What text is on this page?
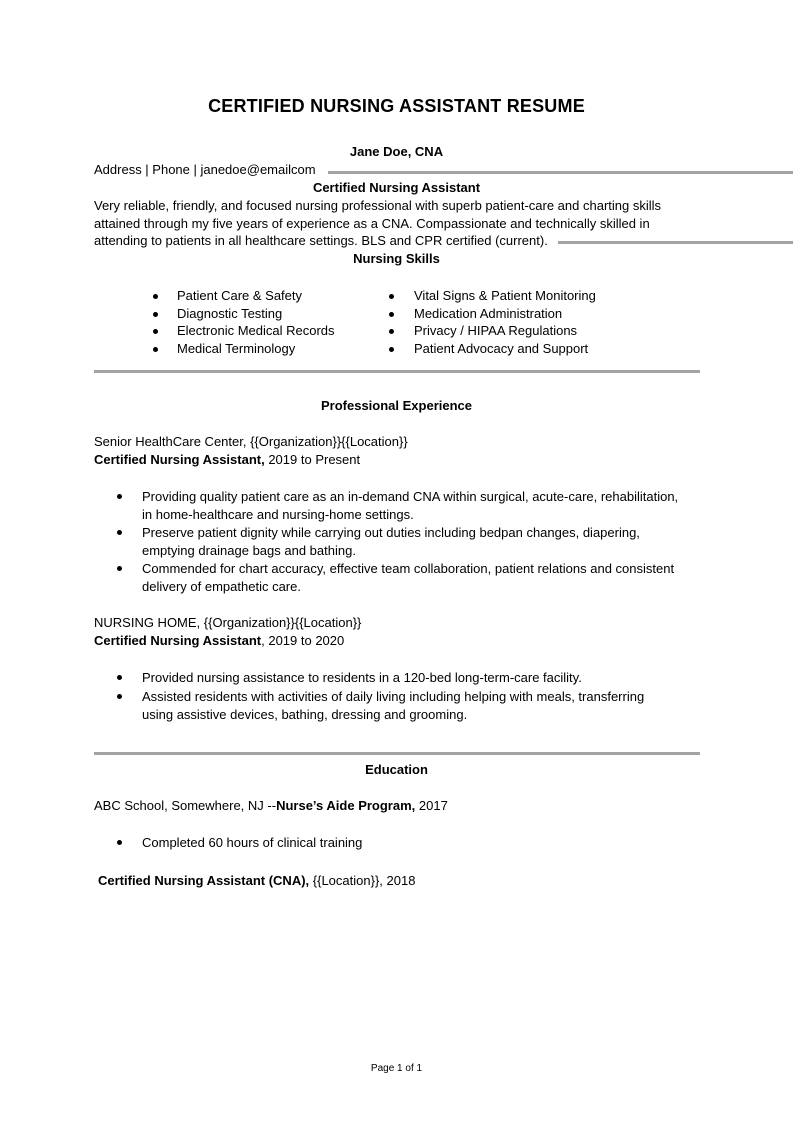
CERTIFIED NURSING ASSISTANT RESUME
Jane Doe, CNA
Address | Phone | janedoe@emailcom
Certified Nursing Assistant
Very reliable, friendly, and focused nursing professional with superb patient-care and charting skills
attained through my five years of experience as a CNA. Compassionate and technically skilled in
attending to patients in all healthcare settings. BLS and CPR certified (current).
Nursing Skills
Patient Care & Safety
Diagnostic Testing
Electronic Medical Records
Medical Terminology
Vital Signs & Patient Monitoring
Medication Administration
Privacy / HIPAA Regulations
Patient Advocacy and Support
Professional Experience
Senior HealthCare Center, {{Organization}}{{Location}}
Certified Nursing Assistant, 2019 to Present
Providing quality patient care as an in-demand CNA within surgical, acute-care, rehabilitation,
in home-healthcare and nursing-home settings.
Preserve patient dignity while carrying out duties including bedpan changes, diapering,
emptying drainage bags and bathing.
Commended for chart accuracy, effective team collaboration, patient relations and consistent
delivery of empathetic care.
NURSING HOME, {{Organization}}{{Location}}
Certified Nursing Assistant, 2019 to 2020
Provided nursing assistance to residents in a 120-bed long-term-care facility.
Assisted residents with activities of daily living including helping with meals, transferring
using assistive devices, bathing, dressing and grooming.
Education
ABC School, Somewhere, NJ --Nurse’s Aide Program, 2017
Completed 60 hours of clinical training
Certified Nursing Assistant (CNA), {{Location}}, 2018
Page 1 of 1
